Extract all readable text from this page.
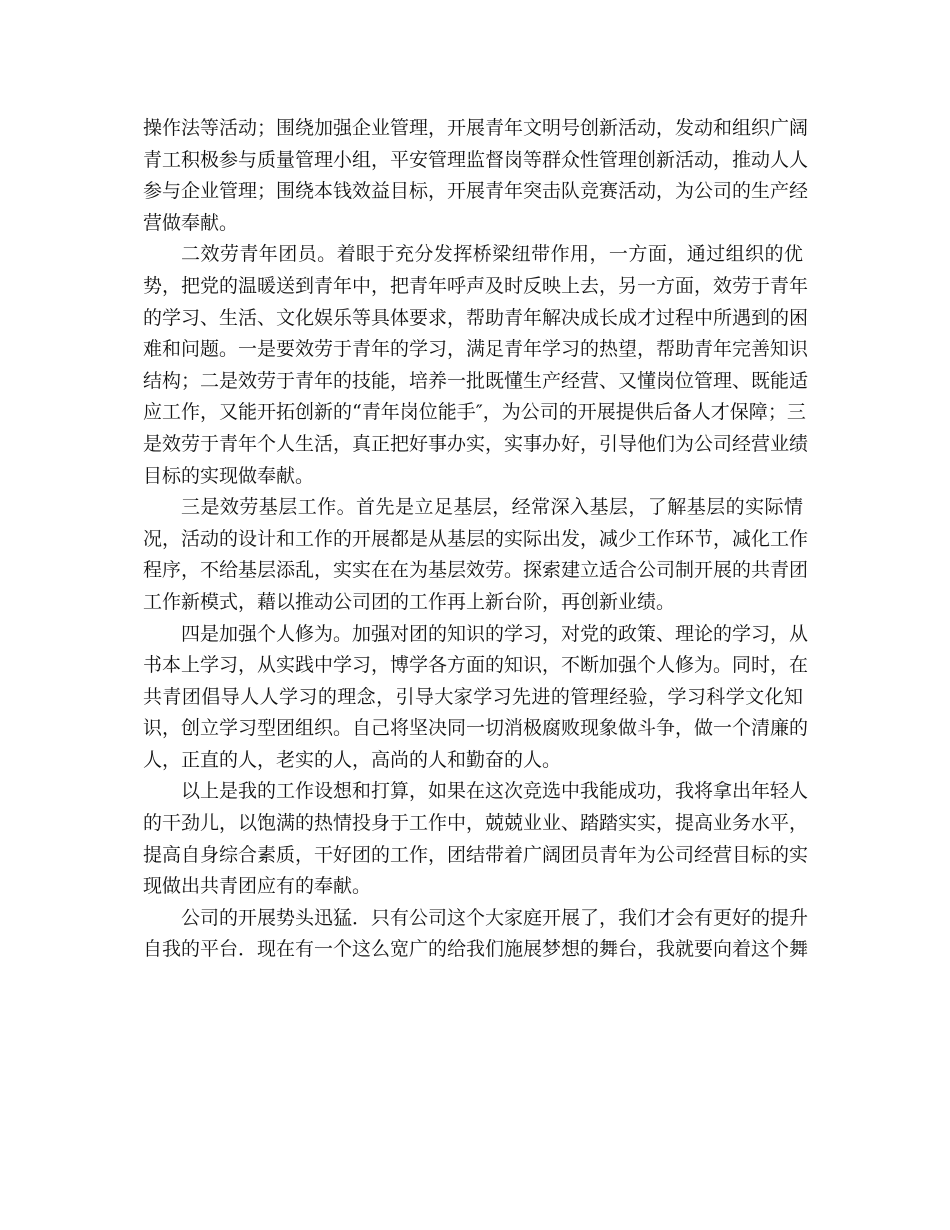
操作法等活动；围绕加强企业管理，开展青年文明号创新活动，发动和组织广阔
青工积极参与质量管理小组，平安管理监督岗等群众性管理创新活动，推动人人
参与企业管理；围绕本钱效益目标，开展青年突击队竞赛活动，为公司的生产经
营做奉献。
二效劳青年团员。着眼于充分发挥桥梁纽带作用，一方面，通过组织的优
势，把党的温暖送到青年中，把青年呼声及时反映上去，另一方面，效劳于青年
的学习、生活、文化娱乐等具体要求，帮助青年解决成长成才过程中所遇到的困
难和问题。一是要效劳于青年的学习，满足青年学习的热望，帮助青年完善知识
结构；二是效劳于青年的技能，培养一批既懂生产经营、又懂岗位管理、既能适
应工作，又能开拓创新的“青年岗位能手″，为公司的开展提供后备人才保障；三
是效劳于青年个人生活，真正把好事办实，实事办好，引导他们为公司经营业绩
目标的实现做奉献。
三是效劳基层工作。首先是立足基层，经常深入基层，了解基层的实际情
况，活动的设计和工作的开展都是从基层的实际出发，减少工作环节，减化工作
程序，不给基层添乱，实实在在为基层效劳。探索建立适合公司制开展的共青团
工作新模式，藉以推动公司团的工作再上新台阶，再创新业绩。
四是加强个人修为。加强对团的知识的学习，对党的政策、理论的学习，从
书本上学习，从实践中学习，博学各方面的知识，不断加强个人修为。同时，在
共青团倡导人人学习的理念，引导大家学习先进的管理经验，学习科学文化知
识，创立学习型团组织。自己将坚决同一切消极腐败现象做斗争，做一个清廉的
人，正直的人，老实的人，高尚的人和勤奋的人。
以上是我的工作设想和打算，如果在这次竞选中我能成功，我将拿出年轻人
的干劲儿，以饱满的热情投身于工作中，兢兢业业、踏踏实实，提高业务水平，
提高自身综合素质，干好团的工作，团结带着广阔团员青年为公司经营目标的实
现做出共青团应有的奉献。
公司的开展势头迅猛．只有公司这个大家庭开展了，我们才会有更好的提升
自我的平台．现在有一个这么宽广的给我们施展梦想的舞台，我就要向着这个舞
